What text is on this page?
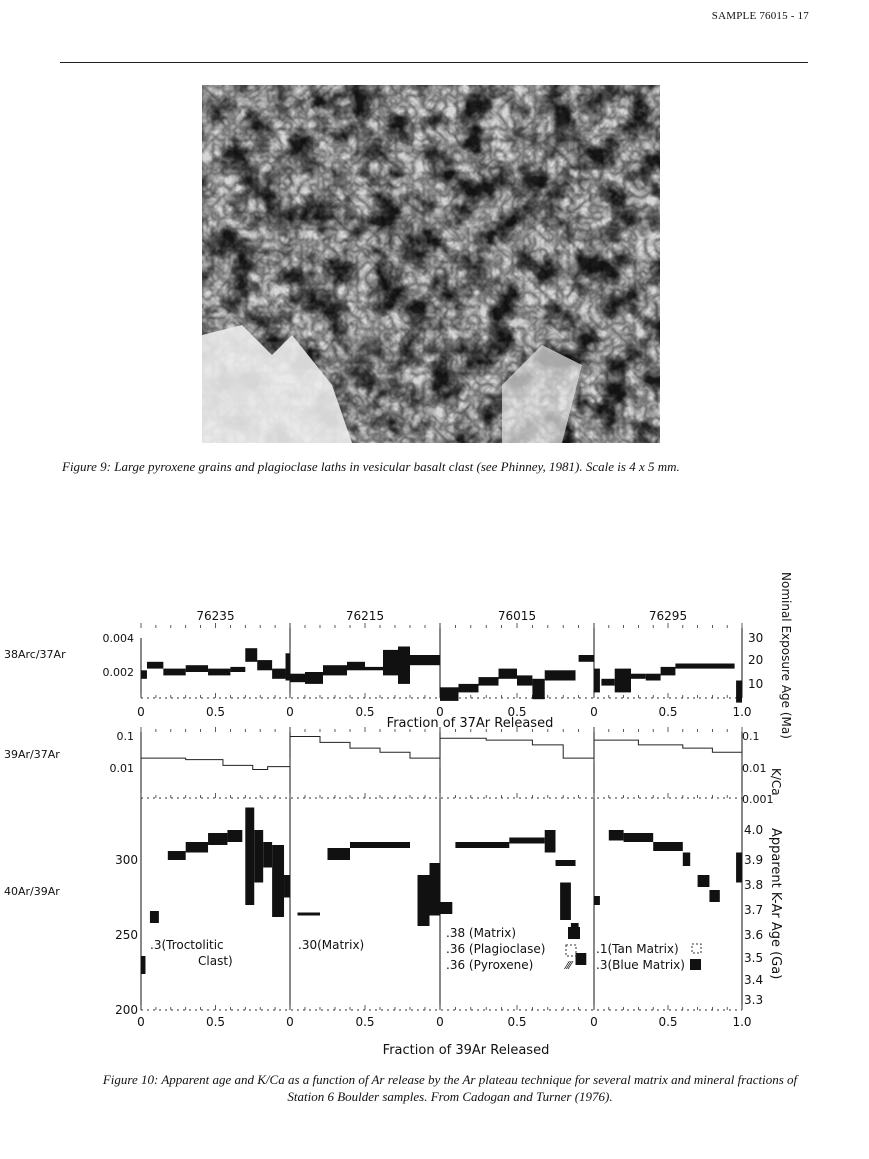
SAMPLE 76015 - 17
Figure 9: Large pyroxene grains and plagioclase laths in vesicular basalt clast (see Phinney, 1981). Scale is 4 x 5 mm.
76235	76215	76015	76295
38Arc/37Ar
0.004
0.002
30
20
10 Nominal Exposure Age (Ma)
0	0.5	0	0.5	0	0.5	0	0.5	1.0
Fraction of 37Ar Released
39Ar/37Ar
0.1
0.01
0.1
0.01
0.001
K/Ca
40Ar/39Ar
300
250
200
4.0
3.9
3.8
3.7
3.6
3.5
3.4
3.3
Apparent K-Ar Age (Ga)
0	0.5	0	0.5	0	0.5	0	0.5	1.0
Fraction of 39Ar Released
.3(Troctolitic
Clast)
.30(Matrix)
.38 (Matrix)
.36 (Plagioclase)
.36 (Pyroxene)	⁄⁄⁄
.1(Tan Matrix)
.3(Blue Matrix)
Figure 10: Apparent age and K/Ca as a function of Ar release by the Ar plateau technique for several matrix and mineral fractions of Station 6 Boulder samples. From Cadogan and Turner (1976).
